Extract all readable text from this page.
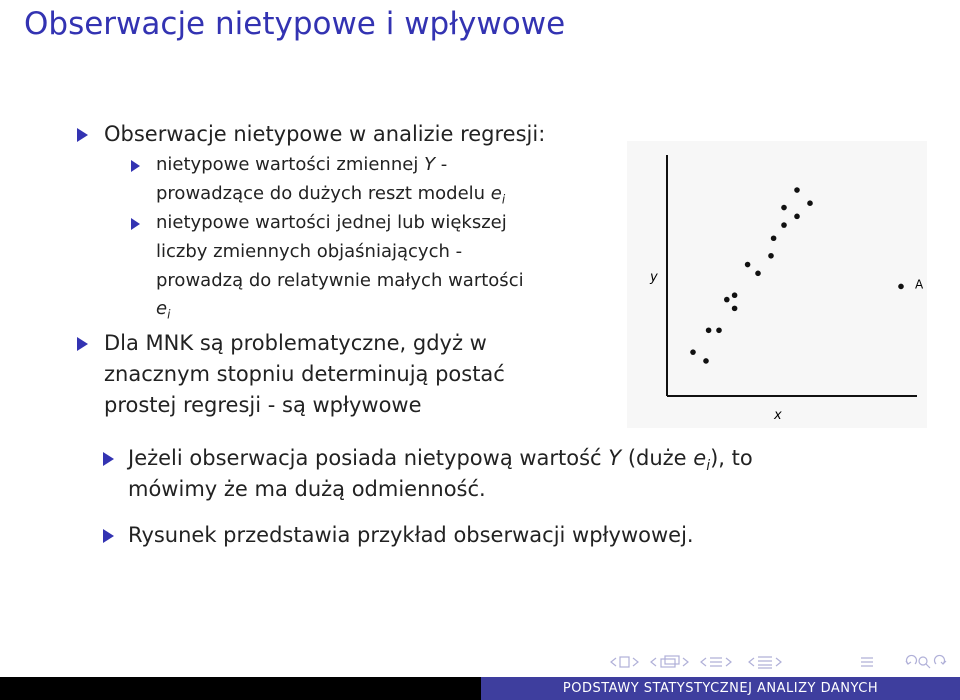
Obserwacje nietypowe i wpływowe
Obserwacje nietypowe w analizie regresji:
nietypowe wartości zmiennej Y -
prowadzące do dużych reszt modelu $e_i$
nietypowe wartości jednej lub większej
liczby zmiennych objaśniających -
prowadzą do relatywnie małych wartości
$e_i$
Dla MNK są problematyczne, gdyż w
znacznym stopniu determinują postać
prostej regresji - są wpływowe
y
x
A
Jeżeli obserwacja posiada nietypową wartość Y (duże $e_i$), to
mówimy że ma dużą odmienność.
Rysunek przedstawia przykład obserwacji wpływowej.
PODSTAWY STATYSTYCZNEJ ANALIZY DANYCH
